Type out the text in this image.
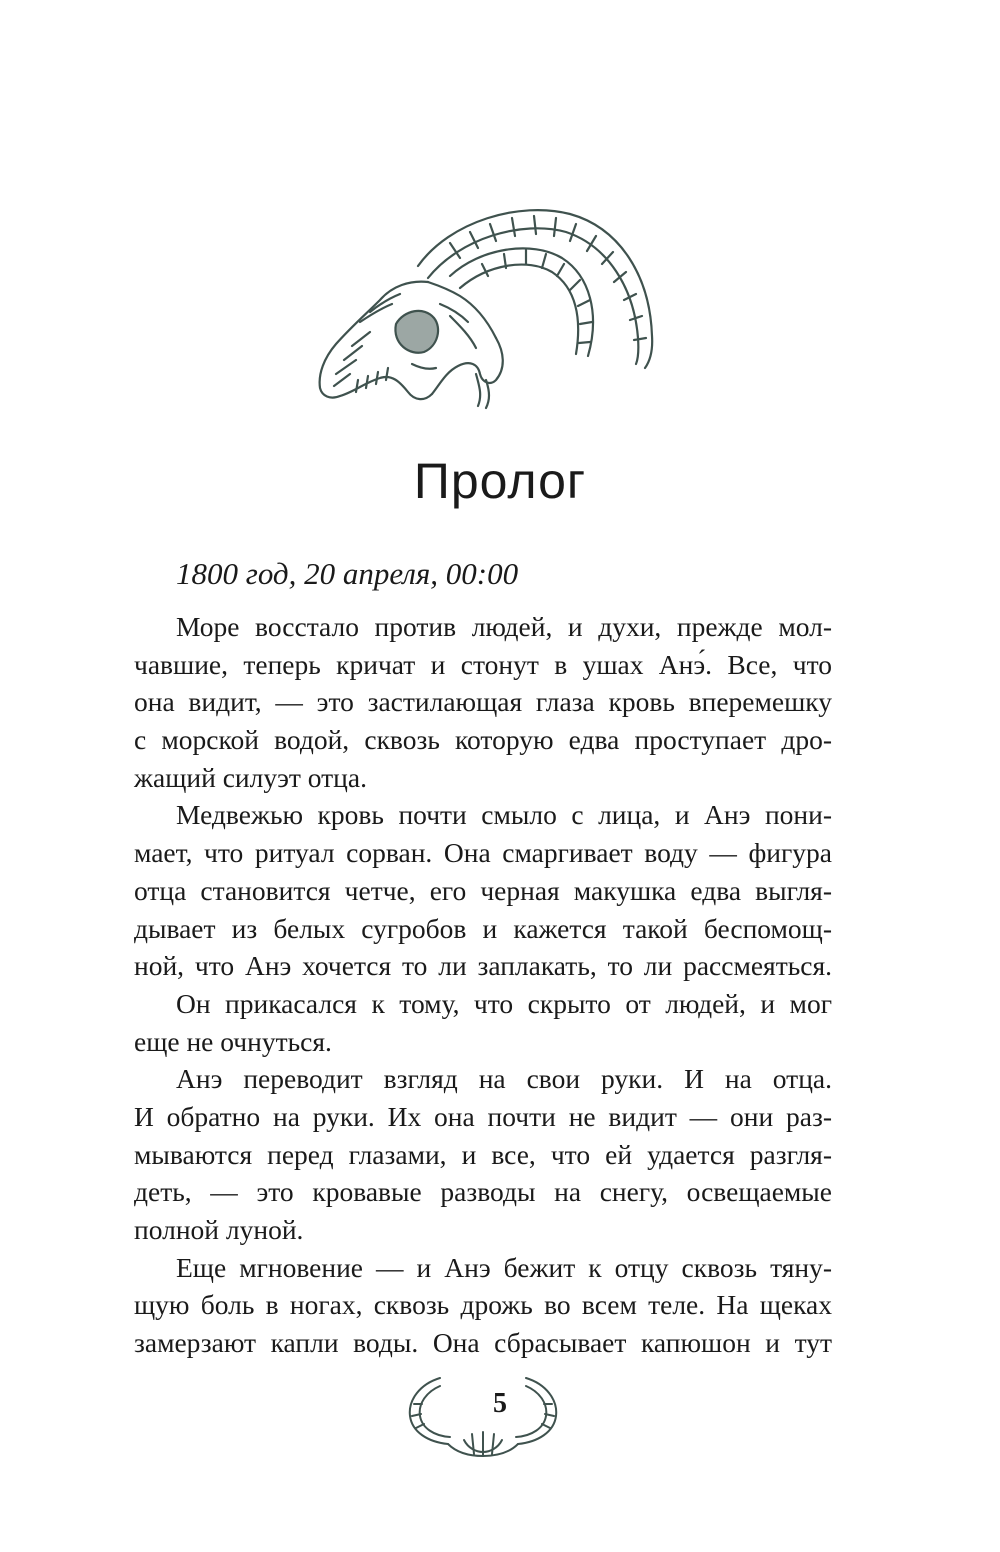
Пролог

1800 год, 20 апреля, 00:00

Море восстало против людей, и духи, прежде мол-
чавшие, теперь кричат и стонут в ушах Анэ́. Все, что
она видит, — это застилающая глаза кровь вперемешку
с морской водой, сквозь которую едва проступает дро-
жащий силуэт отца.
Медвежью кровь почти смыло с лица, и Анэ пони-
мает, что ритуал сорван. Она смаргивает воду — фигура
отца становится четче, его черная макушка едва выгля-
дывает из белых сугробов и кажется такой беспомощ-
ной, что Анэ хочется то ли заплакать, то ли рассмеяться.
Он прикасался к тому, что скрыто от людей, и мог
еще не очнуться.
Анэ переводит взгляд на свои руки. И на отца.
И обратно на руки. Их она почти не видит — они раз-
мываются перед глазами, и все, что ей удается разгля-
деть, — это кровавые разводы на снегу, освещаемые
полной луной.
Еще мгновение — и Анэ бежит к отцу сквозь тяну-
щую боль в ногах, сквозь дрожь во всем теле. На щеках
замерзают капли воды. Она сбрасывает капюшон и тут

5
